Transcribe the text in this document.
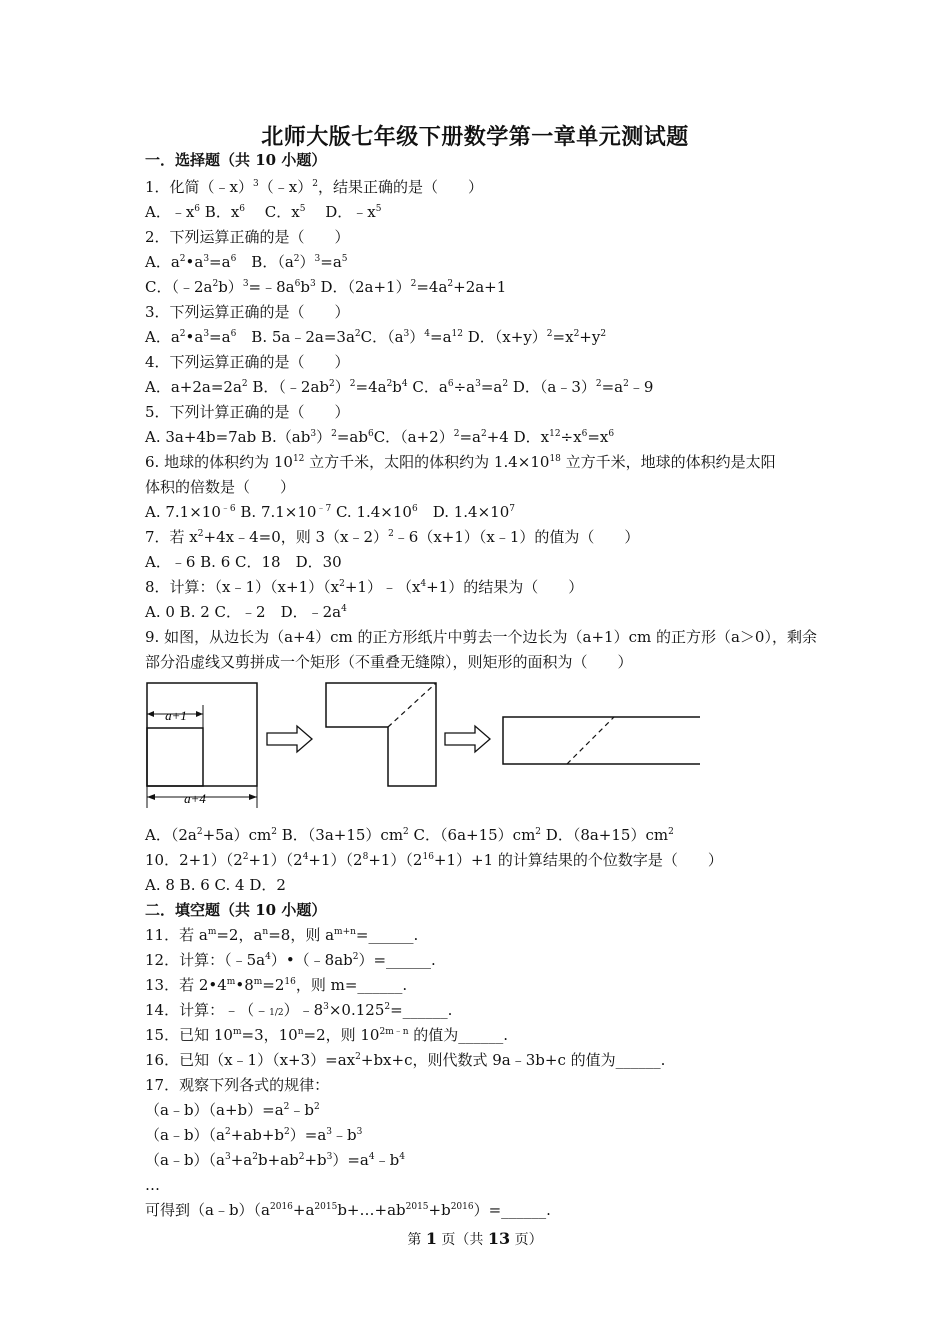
北师大版七年级下册数学第一章单元测试题
一．选择题（共 10 小题）
1．化简（﹣x）$^3$（﹣x）$^2$，结果正确的是（　　）
A．$﹣x^6$ B．$x^6$　 C．$x^5$　 D．$﹣x^5$
2．下列运算正确的是（　　）
A．$a^2•a^3=a^6$　B．$(a^2)^3=a^5$
C．$(﹣2a^2b)^3=﹣8a^6b^3$ D．$(2a+1)^2=4a^2+2a+1$
3．下列运算正确的是（　　）
A．$a^2•a^3=a^6$　B. $5a﹣2a=3a^2C$．$(a^3)^4=a^{12}$ D．$(x+y)^2=x^2+y^2$
4．下列运算正确的是（　　）
A．$a+2a=2a^2$ B．$(﹣2ab^2)^2=4a^2b^4$ C．$a^6\div a^3=a^2$ D．$(a﹣3)^2=a^2﹣9$
5．下列计算正确的是（　　）
A. 3a+4b=7ab $B.(ab^3)^2=ab^6C$．$(a+2)^2=a^2+4$ D．$x^{12}\div x^6=x^6$
6. 地球的体积约为 $10^{12}$ 立方千米，太阳的体积约为 $1.4\times 10^{18}$ 立方千米，地球的体积约是太阳
体积的倍数是（　　）
A. $7.1\times 10^{﹣6}$ B. $7.1\times 10^{﹣7}$ C. $1.4\times 10^6$　D. $1.4\times 10^7$
7．若 $x^2+4x﹣4=0$，则 3（x﹣2）$^2$﹣6（x+1）（x﹣1）的值为（　　）
A．﹣6 B. 6 C．18　D．30
8．计算：$(x﹣1)(x+1)(x^2+1)﹣(x^4+1)$的结果为（　　）
A. 0 B. 2 C．﹣2　D．$﹣2a^4$
9. 如图，从边长为（a+4）cm 的正方形纸片中剪去一个边长为（a+1）cm 的正方形（a＞0），剩余
部分沿虚线又剪拼成一个矩形（不重叠无缝隙），则矩形的面积为（　　）
a+1
a+4
A．$(2a^2+5a)cm^2$ B．$(3a+15)cm^2$ C．$(6a+15)cm^2$ D．$(8a+15)cm^2$
10．$2+1)(2^2+1)(2^4+1)(2^8+1)(2^{16}+1)+1$ 的计算结果的个位数字是（　　）
A. 8 B. 6 C. 4 D．2
二．填空题（共 10 小题）
11．若 $a^m=2$，$a^n=8$，则 $a^{m+n}=\_\_\_\_\_\_$.
12．计算：$(﹣5a^4)•(﹣8ab^2)=\_\_\_\_\_\_$.
13．若 $2•4^m•8^m=2^{16}$，则 m=______.
14．计算：$﹣(﹣1/2)﹣8^3\times 0.125^2=\_\_\_\_\_\_$.
15．已知 $10^m=3$，$10^n=2$，则 $10^{2m﹣n}$ 的值为______.
16．已知$(x﹣1)(x+3)=ax^2+bx+c$，则代数式 9a﹣3b+c 的值为______.
17．观察下列各式的规律：
$(a﹣b)(a+b)=a^2﹣b^2$
$(a﹣b)(a^2+ab+b^2)=a^3﹣b^3$
$(a﹣b)(a^3+a^2b+ab^2+b^3)=a^4﹣b^4$
…
可得到$(a﹣b)(a^{2016}+a^{2015}b+\dots+ab^{2015}+b^{2016})=\_\_\_\_\_\_$.
第 1 页（共 13 页）
